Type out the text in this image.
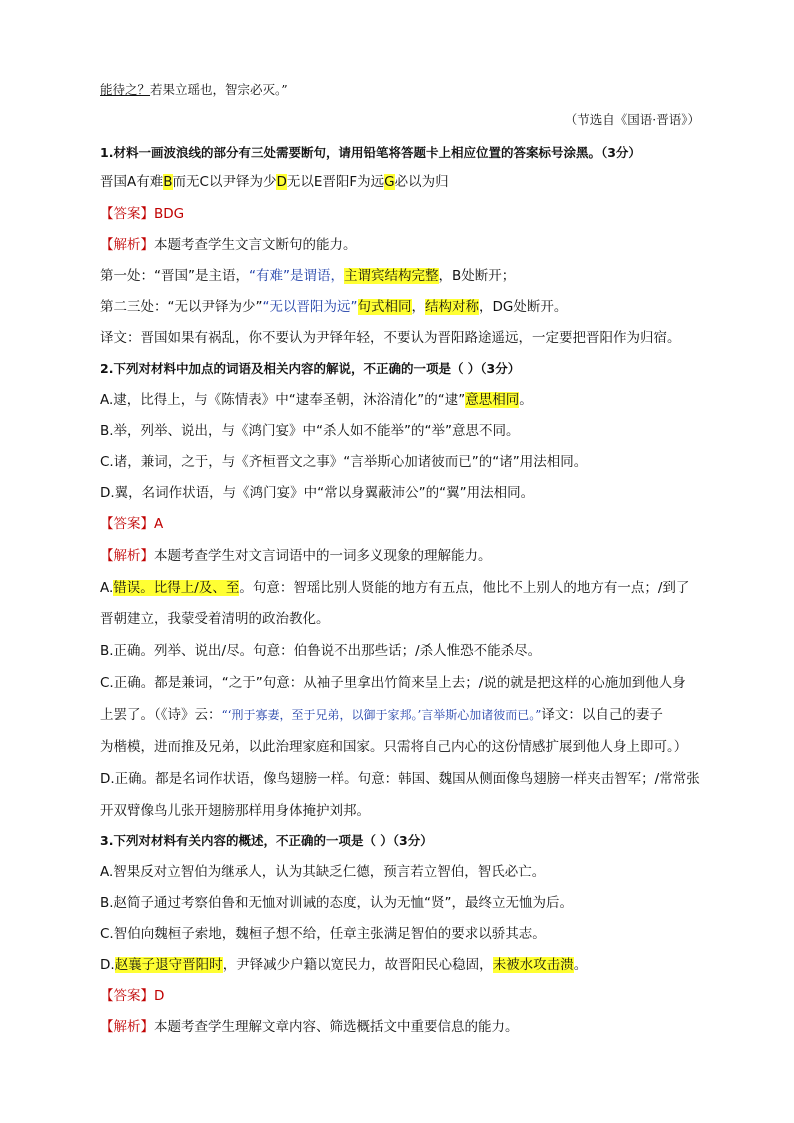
能待之？若果立瑶也，智宗必灭。”
（节选自《国语·晋语》）
1.材料一画波浪线的部分有三处需要断句，请用铅笔将答题卡上相应位置的答案标号涂黑。（3分）
晋国A有难B而无C以尹铎为少D无以E晋阳F为远G必以为归
【答案】BDG
【解析】本题考查学生文言文断句的能力。
第一处：“晋国”是主语，“有难”是谓语，主谓宾结构完整，B处断开；
第二三处：“无以尹铎为少”“无以晋阳为远”句式相同，结构对称，DG处断开。
译文：晋国如果有祸乱，你不要认为尹铎年轻，不要认为晋阳路途遥远，一定要把晋阳作为归宿。
2.下列对材料中加点的词语及相关内容的解说，不正确的一项是（ ）（3分）
A.逮，比得上，与《陈情表》中“逮奉圣朝，沐浴清化”的“逮”意思相同。
B.举，列举、说出，与《鸿门宴》中“杀人如不能举”的“举”意思不同。
C.诸，兼词，之于，与《齐桓晋文之事》“言举斯心加诸彼而已”的“诸”用法相同。
D.翼，名词作状语，与《鸿门宴》中“常以身翼蔽沛公”的“翼”用法相同。
【答案】A
【解析】本题考查学生对文言词语中的一词多义现象的理解能力。
A.错误。比得上/及、至。句意：智瑶比别人贤能的地方有五点，他比不上别人的地方有一点；/到了
晋朝建立，我蒙受着清明的政治教化。
B.正确。列举、说出/尽。句意：伯鲁说不出那些话；/杀人惟恐不能杀尽。
C.正确。都是兼词，“之于”句意：从袖子里拿出竹简来呈上去；/说的就是把这样的心施加到他人身
上罢了。（《诗》云：“‘刑于寡妻，至于兄弟，以御于家邦。’言举斯心加诸彼而已。”译文：以自己的妻子
为楷模，进而推及兄弟，以此治理家庭和国家。只需将自己内心的这份情感扩展到他人身上即可。）
D.正确。都是名词作状语，像鸟翅膀一样。句意：韩国、魏国从侧面像鸟翅膀一样夹击智军；/常常张
开双臂像鸟儿张开翅膀那样用身体掩护刘邦。
3.下列对材料有关内容的概述，不正确的一项是（ ）（3分）
A.智果反对立智伯为继承人，认为其缺乏仁德，预言若立智伯，智氏必亡。
B.赵简子通过考察伯鲁和无恤对训诫的态度，认为无恤“贤”，最终立无恤为后。
C.智伯向魏桓子索地，魏桓子想不给，任章主张满足智伯的要求以骄其志。
D.赵襄子退守晋阳时，尹铎减少户籍以宽民力，故晋阳民心稳固，未被水攻击溃。
【答案】D
【解析】本题考查学生理解文章内容、筛选概括文中重要信息的能力。
